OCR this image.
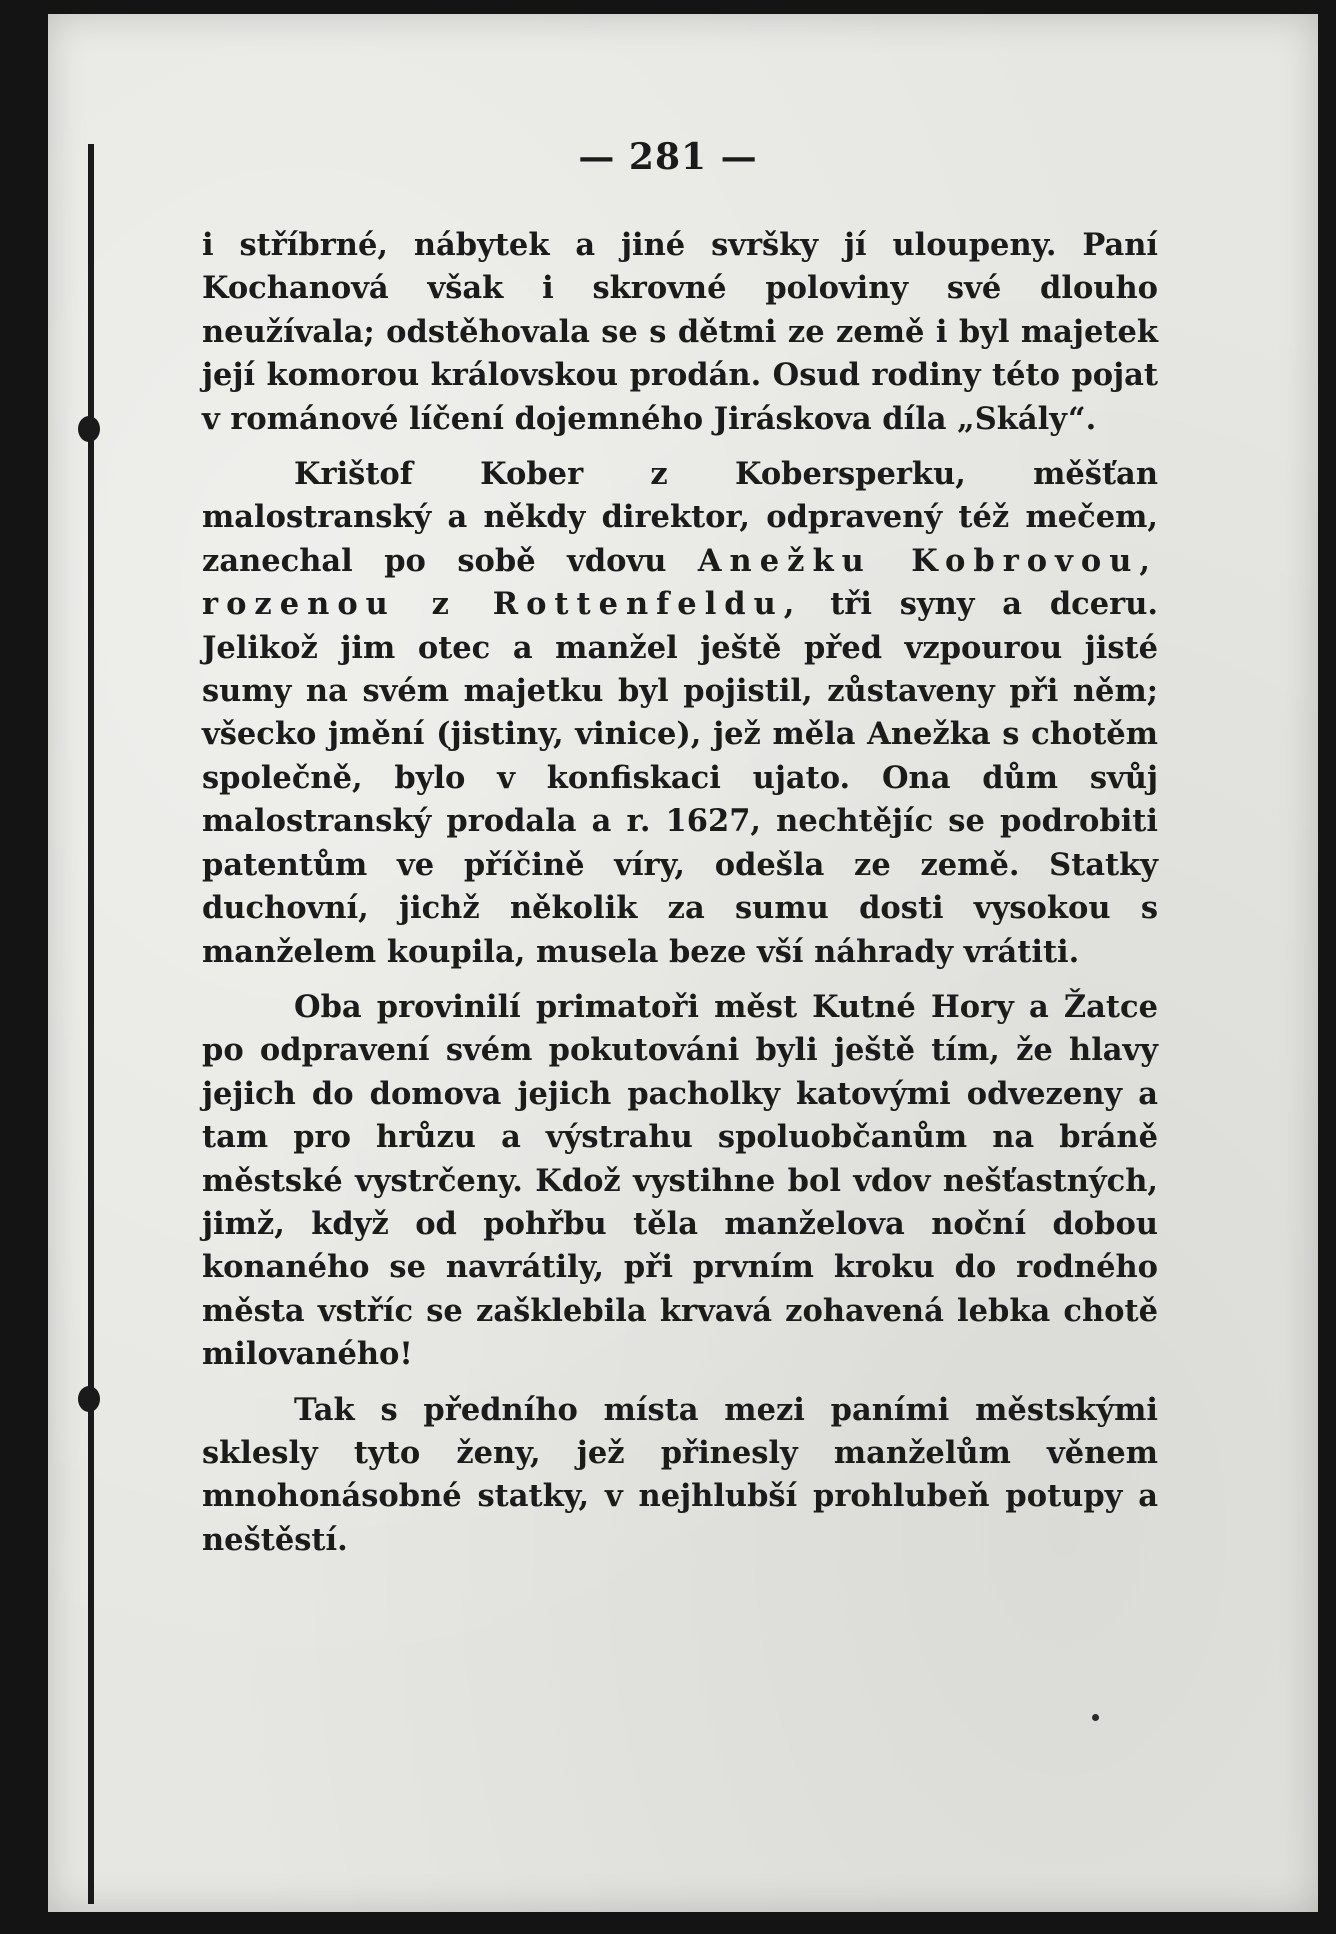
— 281 —

i stříbrné, nábytek a jiné svršky jí uloupeny. Paní Kochanová však i skrovné poloviny své dlouho neužívala; odstěhovala se s dětmi ze země i byl majetek její komorou královskou prodán. Osud rodiny této pojat v románové líčení dojemného Jiráskova díla „Skály“.

Krištof Kober z Kobersperku, měšťan malostranský a někdy direktor, odpravený též mečem, zanechal po sobě vdovu Anežku Kobrovou, rozenou z Rottenfeldu, tři syny a dceru. Jelikož jim otec a manžel ještě před vzpourou jisté sumy na svém majetku byl pojistil, zůstaveny při něm; všecko jmění (jistiny, vinice), jež měla Anežka s chotěm společně, bylo v konfiskaci ujato. Ona dům svůj malostranský prodala a r. 1627, nechtějíc se podrobiti patentům ve příčině víry, odešla ze země. Statky duchovní, jichž několik za sumu dosti vysokou s manželem koupila, musela beze vší náhrady vrátiti.

Oba provinilí primatoři měst Kutné Hory a Žatce po odpravení svém pokutováni byli ještě tím, že hlavy jejich do domova jejich pacholky katovými odvezeny a tam pro hrůzu a výstrahu spoluobčanům na bráně městské vystrčeny. Kdož vystihne bol vdov nešťastných, jimž, když od pohřbu těla manželova noční dobou konaného se navrátily, při prvním kroku do rodného města vstříc se zašklebila krvavá zohavená lebka chotě milovaného!

Tak s předního místa mezi paními městskými sklesly tyto ženy, jež přinesly manželům věnem mnohonásobné statky, v nejhlubší prohlubeň potupy a neštěstí.
